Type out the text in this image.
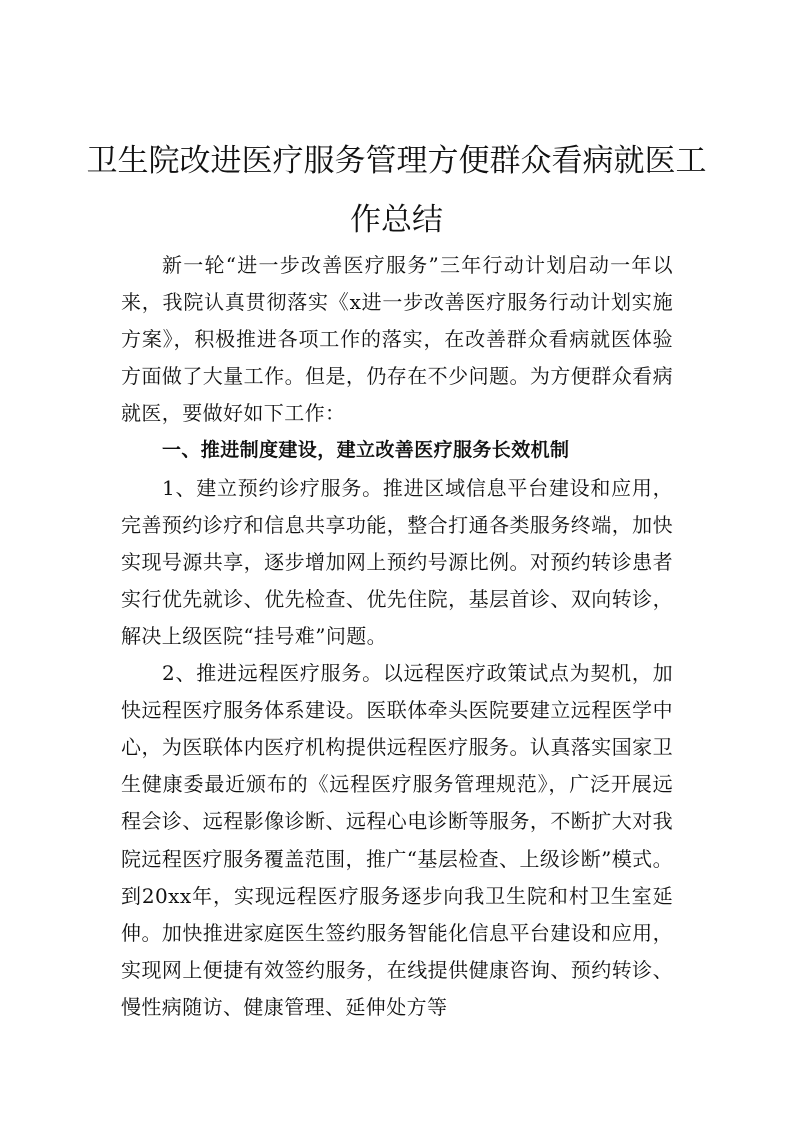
卫生院改进医疗服务管理方便群众看病就医工作总结

新一轮“进一步改善医疗服务”三年行动计划启动一年以来，我院认真贯彻落实《x进一步改善医疗服务行动计划实施方案》，积极推进各项工作的落实，在改善群众看病就医体验方面做了大量工作。但是，仍存在不少问题。为方便群众看病就医，要做好如下工作：

一、推进制度建设，建立改善医疗服务长效机制

1、建立预约诊疗服务。推进区域信息平台建设和应用，完善预约诊疗和信息共享功能，整合打通各类服务终端，加快实现号源共享，逐步增加网上预约号源比例。对预约转诊患者实行优先就诊、优先检查、优先住院，基层首诊、双向转诊，解决上级医院“挂号难”问题。

2、推进远程医疗服务。以远程医疗政策试点为契机，加快远程医疗服务体系建设。医联体牵头医院要建立远程医学中心，为医联体内医疗机构提供远程医疗服务。认真落实国家卫生健康委最近颁布的《远程医疗服务管理规范》，广泛开展远程会诊、远程影像诊断、远程心电诊断等服务，不断扩大对我院远程医疗服务覆盖范围，推广“基层检查、上级诊断”模式。到20xx年，实现远程医疗服务逐步向我卫生院和村卫生室延伸。加快推进家庭医生签约服务智能化信息平台建设和应用，实现网上便捷有效签约服务，在线提供健康咨询、预约转诊、慢性病随访、健康管理、延伸处方等
